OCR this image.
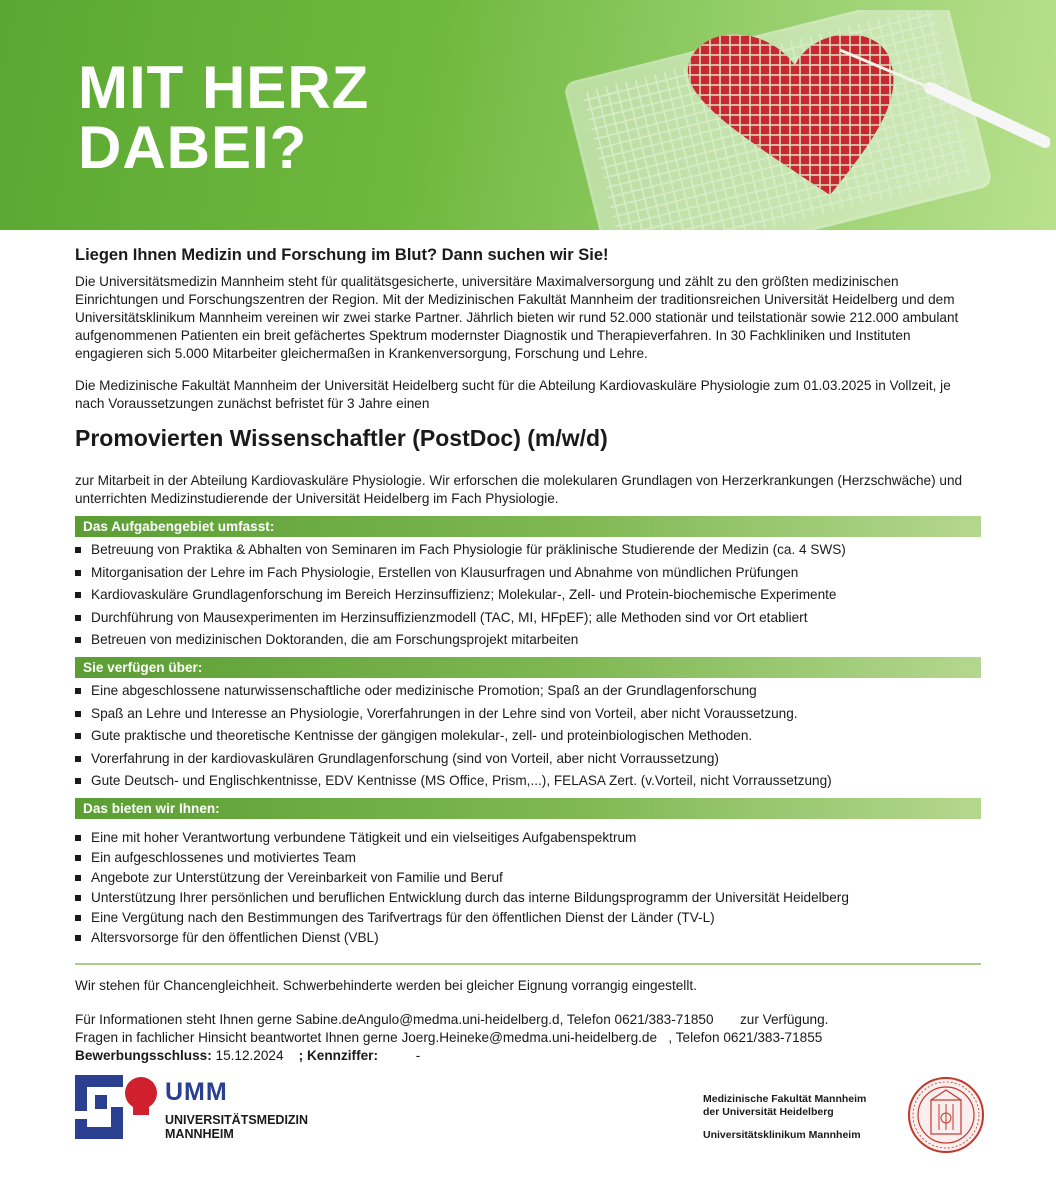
MIT HERZ
DABEI?
Liegen Ihnen Medizin und Forschung im Blut? Dann suchen wir Sie!

Die Universitätsmedizin Mannheim steht für qualitätsgesicherte, universitäre Maximalversorgung und zählt zu den größten medizinischen Einrichtungen und Forschungszentren der Region. Mit der Medizinischen Fakultät Mannheim der traditionsreichen Universität Heidelberg und dem Universitätsklinikum Mannheim vereinen wir zwei starke Partner. Jährlich bieten wir rund 52.000 stationär und teilstationär sowie 212.000 ambulant aufgenommenen Patienten ein breit gefächertes Spektrum modernster Diagnostik und Therapieverfahren. In 30 Fachkliniken und Instituten engagieren sich 5.000 Mitarbeiter gleichermaßen in Krankenversorgung, Forschung und Lehre.

Die Medizinische Fakultät Mannheim der Universität Heidelberg sucht für die Abteilung Kardiovaskuläre Physiologie zum 01.03.2025 in Vollzeit, je nach Voraussetzungen zunächst befristet für 3 Jahre einen

Promovierten Wissenschaftler (PostDoc) (m/w/d)

zur Mitarbeit in der Abteilung Kardiovaskuläre Physiologie. Wir erforschen die molekularen Grundlagen von Herzerkrankungen (Herzschwäche) und unterrichten Medizinstudierende der Universität Heidelberg im Fach Physiologie.

Das Aufgabengebiet umfasst:
Betreuung von Praktika & Abhalten von Seminaren im Fach Physiologie für präklinische Studierende der Medizin (ca. 4 SWS)
Mitorganisation der Lehre im Fach Physiologie, Erstellen von Klausurfragen und Abnahme von mündlichen Prüfungen
Kardiovaskuläre Grundlagenforschung im Bereich Herzinsuffizienz; Molekular-, Zell- und Protein-biochemische Experimente
Durchführung von Mausexperimenten im Herzinsuffizienzmodell (TAC, MI, HFpEF); alle Methoden sind vor Ort etabliert
Betreuen von medizinischen Doktoranden, die am Forschungsprojekt mitarbeiten
Sie verfügen über:
Eine abgeschlossene naturwissenschaftliche oder medizinische Promotion; Spaß an der Grundlagenforschung
Spaß an Lehre und Interesse an Physiologie, Vorerfahrungen in der Lehre sind von Vorteil, aber nicht Voraussetzung.
Gute praktische und theoretische Kentnisse der gängigen molekular-, zell- und proteinbiologischen Methoden.
Vorerfahrung in der kardiovaskulären Grundlagenforschung (sind von Vorteil, aber nicht Vorraussetzung)
Gute Deutsch- und Englischkentnisse, EDV Kentnisse (MS Office, Prism,...), FELASA Zert. (v.Vorteil, nicht Vorraussetzung)
Das bieten wir Ihnen:
Eine mit hoher Verantwortung verbundene Tätigkeit und ein vielseitiges Aufgabenspektrum
Ein aufgeschlossenes und motiviertes Team
Angebote zur Unterstützung der Vereinbarkeit von Familie und Beruf
Unterstützung Ihrer persönlichen und beruflichen Entwicklung durch das interne Bildungsprogramm der Universität Heidelberg
Eine Vergütung nach den Bestimmungen des Tarifvertrags für den öffentlichen Dienst der Länder (TV-L)
Altersvorsorge für den öffentlichen Dienst (VBL)

Wir stehen für Chancengleichheit. Schwerbehinderte werden bei gleicher Eignung vorrangig eingestellt.

Für Informationen steht Ihnen gerne Sabine.deAngulo@medma.uni-heidelberg.d, Telefon 0621/383-71850 zur Verfügung.

Fragen in fachlicher Hinsicht beantwortet Ihnen gerne Joerg.Heineke@medma.uni-heidelberg.de , Telefon 0621/383-71855

Bewerbungsschluss: 15.12.2024 ; Kennziffer:	-

UMM
UNIVERSITÄTSMEDIZIN
MANNHEIM
Medizinische Fakultät Mannheim
der Universität Heidelberg
Universitätsklinikum Mannheim
